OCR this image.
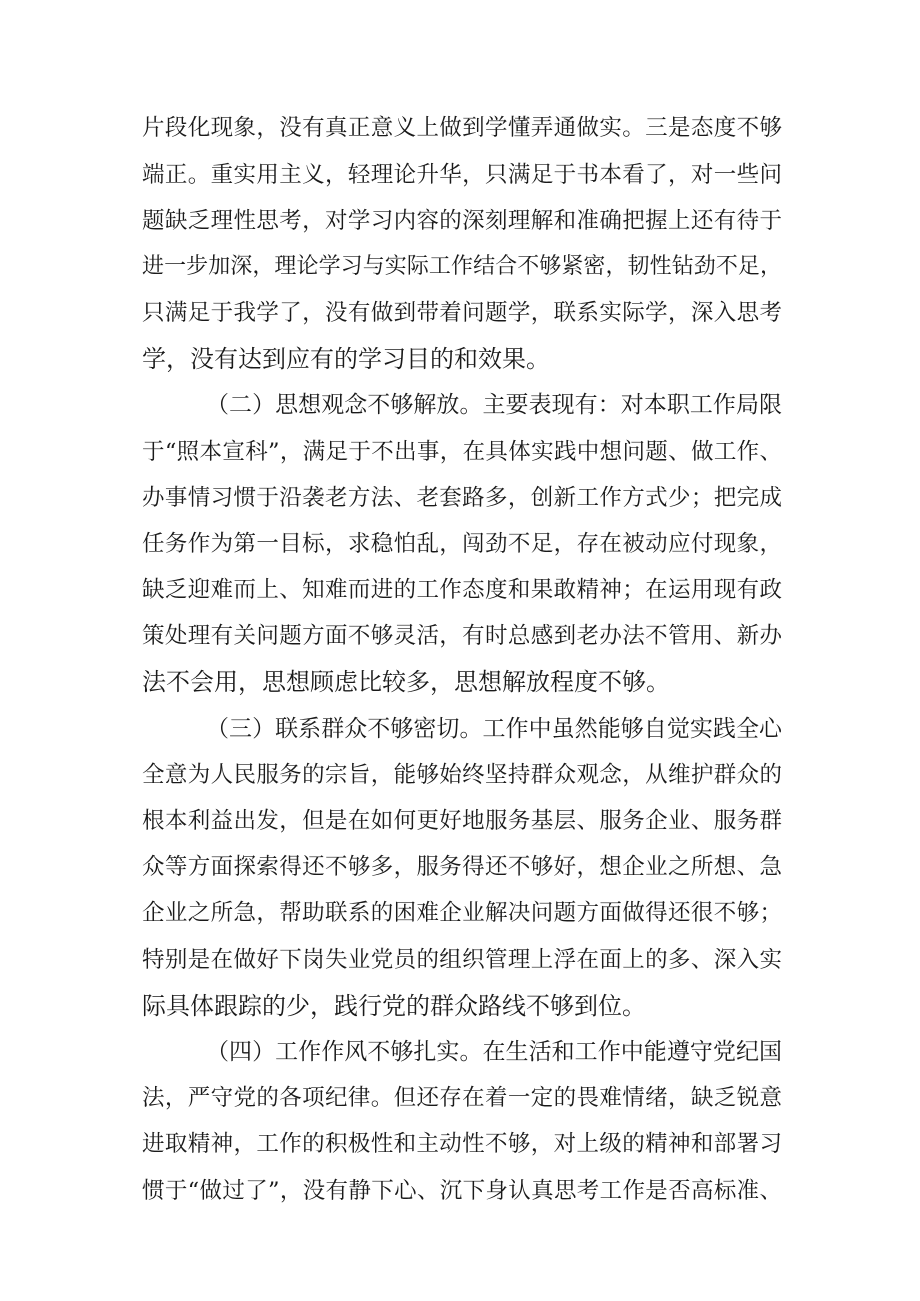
片段化现象，没有真正意义上做到学懂弄通做实。三是态度不够
端正。重实用主义，轻理论升华，只满足于书本看了，对一些问
题缺乏理性思考，对学习内容的深刻理解和准确把握上还有待于
进一步加深，理论学习与实际工作结合不够紧密，韧性钻劲不足，
只满足于我学了，没有做到带着问题学，联系实际学，深入思考
学，没有达到应有的学习目的和效果。
（二）思想观念不够解放。主要表现有：对本职工作局限
于“照本宣科”，满足于不出事，在具体实践中想问题、做工作、
办事情习惯于沿袭老方法、老套路多，创新工作方式少；把完成
任务作为第一目标，求稳怕乱，闯劲不足，存在被动应付现象，
缺乏迎难而上、知难而进的工作态度和果敢精神；在运用现有政
策处理有关问题方面不够灵活，有时总感到老办法不管用、新办
法不会用，思想顾虑比较多，思想解放程度不够。
（三）联系群众不够密切。工作中虽然能够自觉实践全心
全意为人民服务的宗旨，能够始终坚持群众观念，从维护群众的
根本利益出发，但是在如何更好地服务基层、服务企业、服务群
众等方面探索得还不够多，服务得还不够好，想企业之所想、急
企业之所急，帮助联系的困难企业解决问题方面做得还很不够；
特别是在做好下岗失业党员的组织管理上浮在面上的多、深入实
际具体跟踪的少，践行党的群众路线不够到位。
（四）工作作风不够扎实。在生活和工作中能遵守党纪国
法，严守党的各项纪律。但还存在着一定的畏难情绪，缺乏锐意
进取精神，工作的积极性和主动性不够，对上级的精神和部署习
惯于“做过了”，没有静下心、沉下身认真思考工作是否高标准、
